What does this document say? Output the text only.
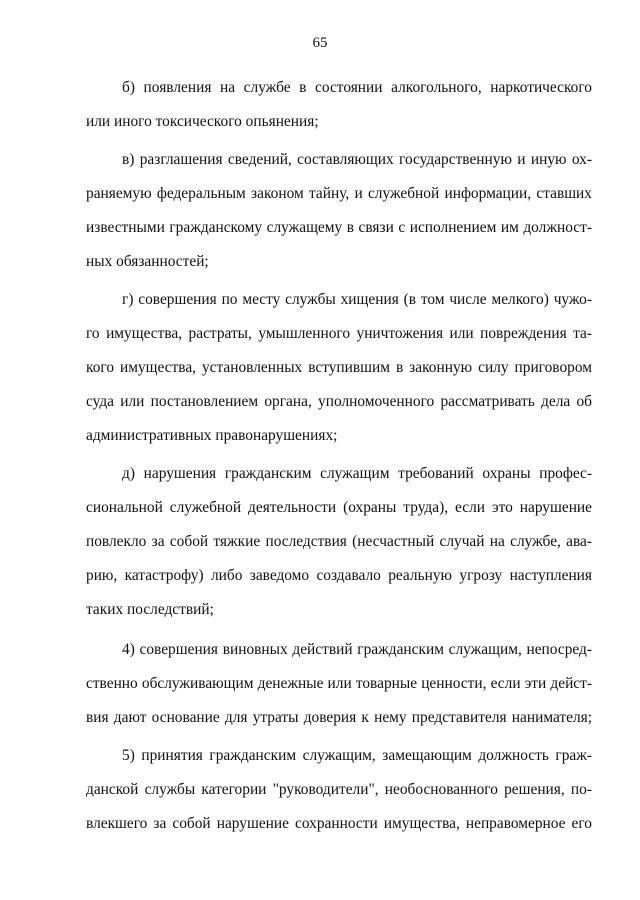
65
б) появления на службе в состоянии алкогольного, наркотического
или иного токсического опьянения;
в) разглашения сведений, составляющих государственную и иную ох-
раняемую федеральным законом тайну, и служебной информации, ставших
известными гражданскому служащему в связи с исполнением им должност-
ных обязанностей;
г) совершения по месту службы хищения (в том числе мелкого) чужо-
го имущества, растраты, умышленного уничтожения или повреждения та-
кого имущества, установленных вступившим в законную силу приговором
суда или постановлением органа, уполномоченного рассматривать дела об
административных правонарушениях;
д) нарушения гражданским служащим требований охраны профес-
сиональной служебной деятельности (охраны труда), если это нарушение
повлекло за собой тяжкие последствия (несчастный случай на службе, ава-
рию, катастрофу) либо заведомо создавало реальную угрозу наступления
таких последствий;
4) совершения виновных действий гражданским служащим, непосред-
ственно обслуживающим денежные или товарные ценности, если эти дейст-
вия дают основание для утраты доверия к нему представителя нанимателя;
5) принятия гражданским служащим, замещающим должность граж-
данской службы категории "руководители", необоснованного решения, по-
влекшего за собой нарушение сохранности имущества, неправомерное его
